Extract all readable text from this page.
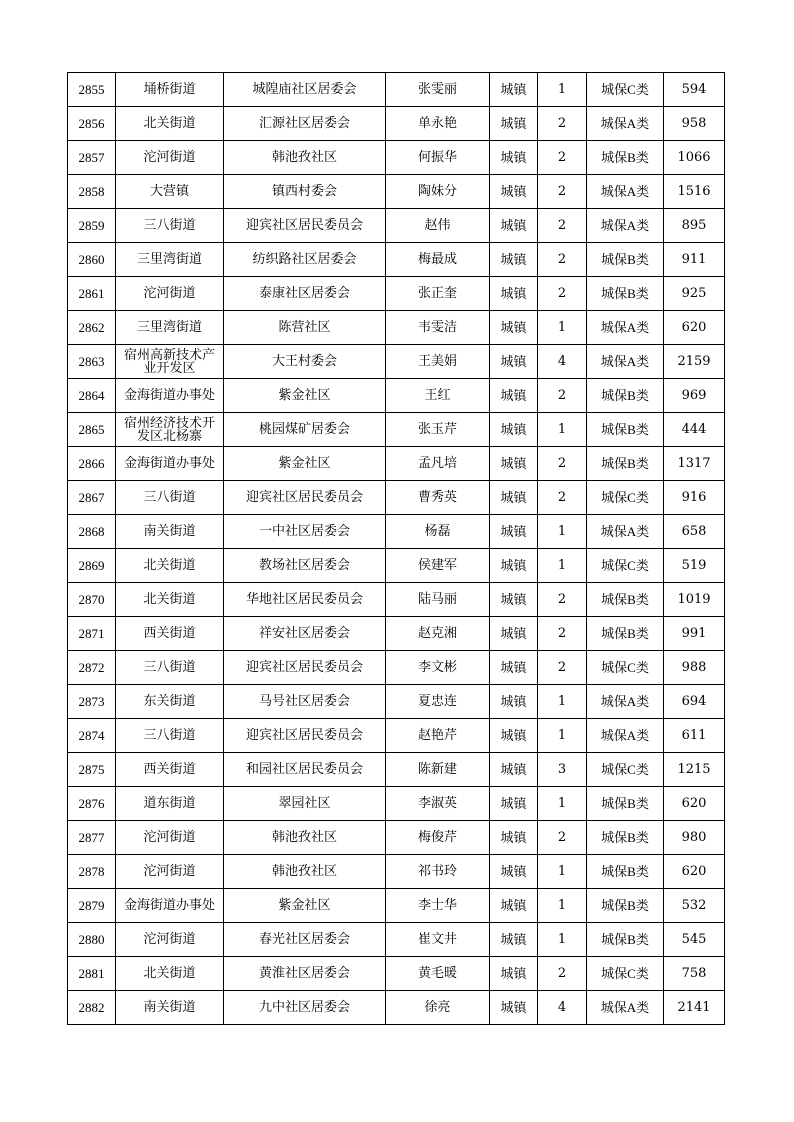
2855	埇桥街道	城隍庙社区居委会	张雯丽	城镇	1	城保C类	594
2856	北关街道	汇源社区居委会	单永艳	城镇	2	城保A类	958
2857	沱河街道	韩池孜社区	何振华	城镇	2	城保B类	1066
2858	大营镇	镇西村委会	陶妹分	城镇	2	城保A类	1516
2859	三八街道	迎宾社区居民委员会	赵伟	城镇	2	城保A类	895
2860	三里湾街道	纺织路社区居委会	梅最成	城镇	2	城保B类	911
2861	沱河街道	泰康社区居委会	张正奎	城镇	2	城保B类	925
2862	三里湾街道	陈营社区	韦雯洁	城镇	1	城保A类	620
2863	宿州高新技术产业开发区	大王村委会	王美娟	城镇	4	城保A类	2159
2864	金海街道办事处	紫金社区	王红	城镇	2	城保B类	969
2865	宿州经济技术开发区北杨寨	桃园煤矿居委会	张玉芹	城镇	1	城保B类	444
2866	金海街道办事处	紫金社区	孟凡培	城镇	2	城保B类	1317
2867	三八街道	迎宾社区居民委员会	曹秀英	城镇	2	城保C类	916
2868	南关街道	一中社区居委会	杨磊	城镇	1	城保A类	658
2869	北关街道	教场社区居委会	侯建军	城镇	1	城保C类	519
2870	北关街道	华地社区居民委员会	陆马丽	城镇	2	城保B类	1019
2871	西关街道	祥安社区居委会	赵克湘	城镇	2	城保B类	991
2872	三八街道	迎宾社区居民委员会	李文彬	城镇	2	城保C类	988
2873	东关街道	马号社区居委会	夏忠连	城镇	1	城保A类	694
2874	三八街道	迎宾社区居民委员会	赵艳芹	城镇	1	城保A类	611
2875	西关街道	和园社区居民委员会	陈新建	城镇	3	城保C类	1215
2876	道东街道	翠园社区	李淑英	城镇	1	城保B类	620
2877	沱河街道	韩池孜社区	梅俊芹	城镇	2	城保B类	980
2878	沱河街道	韩池孜社区	祁书玲	城镇	1	城保B类	620
2879	金海街道办事处	紫金社区	李士华	城镇	1	城保B类	532
2880	沱河街道	春光社区居委会	崔文井	城镇	1	城保B类	545
2881	北关街道	黄淮社区居委会	黄毛暖	城镇	2	城保C类	758
2882	南关街道	九中社区居委会	徐亮	城镇	4	城保A类	2141
